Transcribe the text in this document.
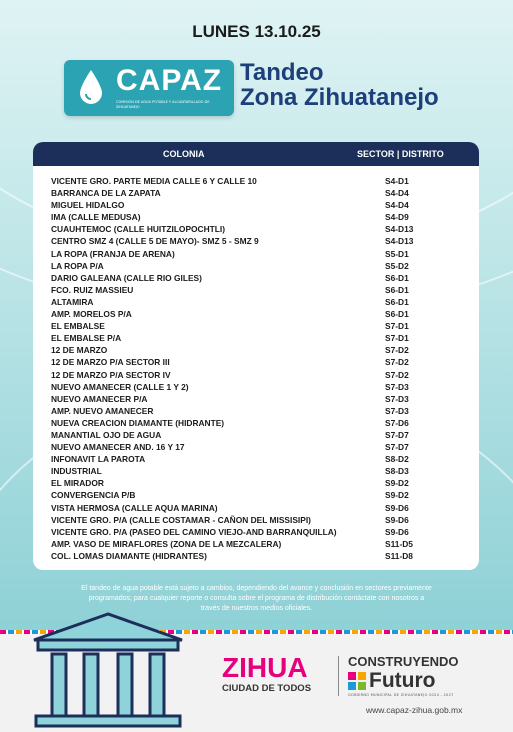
LUNES 13.10.25
CAPAZ
COMISIÓN DE AGUA POTABLE Y ALCANTARILLADO DE ZIHUATANEJO
Tandeo
Zona Zihuatanejo
COLONIA	SECTOR | DISTRITO
VICENTE GRO. PARTE MEDIA CALLE 6 Y CALLE 10	S4-D1
BARRANCA DE LA ZAPATA	S4-D4
MIGUEL HIDALGO	S4-D4
IMA (CALLE MEDUSA)	S4-D9
CUAUHTEMOC (CALLE HUITZILOPOCHTLI)	S4-D13
CENTRO SMZ 4 (CALLE 5 DE MAYO)- SMZ 5 - SMZ 9	S4-D13
LA ROPA (FRANJA DE ARENA)	S5-D1
LA ROPA P/A	S5-D2
DARIO GALEANA (CALLE RIO GILES)	S6-D1
FCO. RUIZ MASSIEU	S6-D1
ALTAMIRA	S6-D1
AMP. MORELOS P/A	S6-D1
EL EMBALSE	S7-D1
EL EMBALSE P/A	S7-D1
12 DE MARZO	S7-D2
12 DE MARZO P/A SECTOR III	S7-D2
12 DE MARZO P/A SECTOR IV	S7-D2
NUEVO AMANECER (CALLE 1 Y 2)	S7-D3
NUEVO AMANECER P/A	S7-D3
AMP. NUEVO AMANECER	S7-D3
NUEVA CREACION DIAMANTE (HIDRANTE)	S7-D6
MANANTIAL OJO DE AGUA	S7-D7
NUEVO AMANECER AND. 16 Y 17	S7-D7
INFONAVIT LA PAROTA	S8-D2
INDUSTRIAL	S8-D3
EL MIRADOR	S9-D2
CONVERGENCIA P/B	S9-D2
VISTA HERMOSA (CALLE AQUA MARINA)	S9-D6
VICENTE GRO. P/A (CALLE COSTAMAR - CAÑON DEL MISSISIPI)	S9-D6
VICENTE GRO. P/A (PASEO DEL CAMINO VIEJO-AND BARRANQUILLA)	S9-D6
AMP. VASO DE MIRAFLORES (ZONA DE LA MEZCALERA)	S11-D5
COL. LOMAS DIAMANTE (HIDRANTES)	S11-D8
El tandeo de agua potable está sujeto a cambios, dependiendo del avance y conclusión en sectores previamente
programados; para cualquier reporte o consulta sobre el programa de distribución contáctate con nosotros a
través de nuestros medios oficiales.
ZIHUA
CIUDAD DE TODOS
CONSTRUYENDO
Futuro
GOBIERNO MUNICIPAL DE ZIHUATANEJO 2024 - 2027
www.capaz-zihua.gob.mx
